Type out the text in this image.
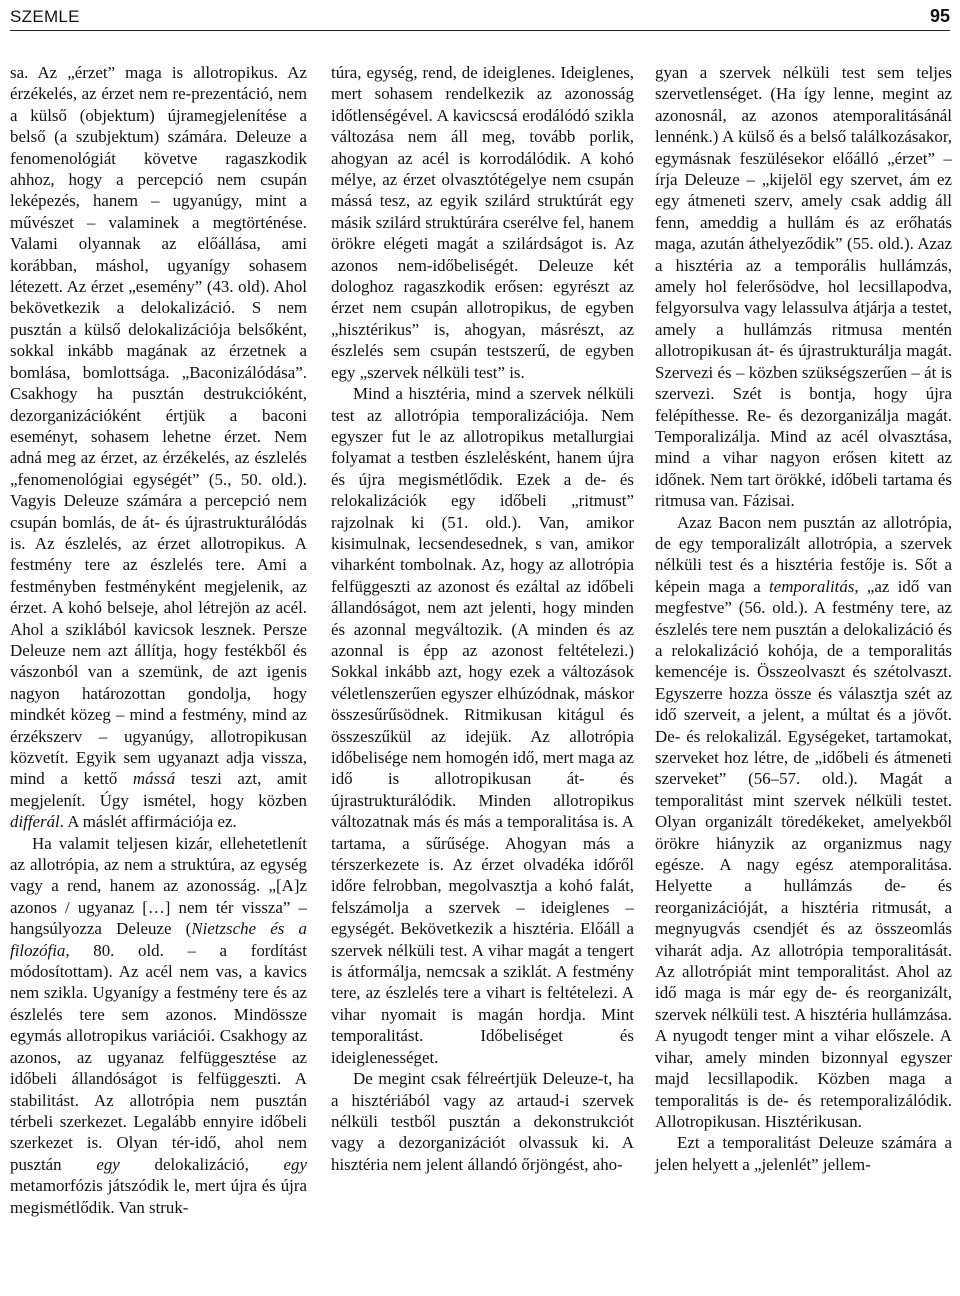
SZEMLE	95

sa. Az „érzet” maga is allotropikus. Az érzékelés, az érzet nem re-prezentáció, nem a külső (objektum) újramegjelenítése a belső (a szubjektum) számára. Deleuze a fenomenológiát követve ragaszkodik ahhoz, hogy a percepció nem csupán leképezés, hanem – ugyanúgy, mint a művészet – valaminek a megtörténése. Valami olyannak az előállása, ami korábban, máshol, ugyanígy sohasem létezett. Az érzet „esemény” (43. old). Ahol bekövetkezik a delokalizáció. S nem pusztán a külső delokalizációja belsőként, sokkal inkább magának az érzetnek a bomlása, bomlottsága. „Baconizálódása”. Csakhogy ha pusztán destrukcióként, dezorganizációként értjük a baconi eseményt, sohasem lehetne érzet. Nem adná meg az érzet, az érzékelés, az észlelés „fenomenológiai egységét” (5., 50. old.). Vagyis Deleuze számára a percepció nem csupán bomlás, de át- és újrastrukturálódás is. Az észlelés, az érzet allotropikus. A festmény tere az észlelés tere. Ami a festményben festményként megjelenik, az érzet. A kohó belseje, ahol létrejön az acél. Ahol a sziklából kavicsok lesznek. Persze Deleuze nem azt állítja, hogy festékből és vászonból van a szemünk, de azt igenis nagyon határozottan gondolja, hogy mindkét közeg – mind a festmény, mind az érzékszerv – ugyanúgy, allotropikusan közvetít. Egyik sem ugyanazt adja vissza, mind a kettő mássá teszi azt, amit megjelenít. Úgy ismétel, hogy közben differál. A máslét affirmációja ez.

Ha valamit teljesen kizár, ellehetetlenít az allotrópia, az nem a struktúra, az egység vagy a rend, hanem az azonosság. „[A]z azonos / ugyanaz […] nem tér vissza” – hangsúlyozza Deleuze (Nietzsche és a filozófia, 80. old. – a fordítást módosítottam). Az acél nem vas, a kavics nem szikla. Ugyanígy a festmény tere és az észlelés tere sem azonos. Mindössze egymás allotropikus variációi. Csakhogy az azonos, az ugyanaz felfüggesztése az időbeli állandóságot is felfüggeszti. A stabilitást. Az allotrópia nem pusztán térbeli szerkezet. Legalább ennyire időbeli szerkezet is. Olyan tér-idő, ahol nem pusztán egy delokalizáció, egy metamorfózis játszódik le, mert újra és újra megismétlődik. Van struk-

túra, egység, rend, de ideiglenes. Ideiglenes, mert sohasem rendelkezik az azonosság időtlenségével. A kavicscsá erodálódó szikla változása nem áll meg, tovább porlik, ahogyan az acél is korrodálódik. A kohó mélye, az érzet olvasztótégelye nem csupán mássá tesz, az egyik szilárd struktúrát egy másik szilárd struktúrára cserélve fel, hanem örökre elégeti magát a szilárdságot is. Az azonos nem-időbeliségét. Deleuze két dologhoz ragaszkodik erősen: egyrészt az érzet nem csupán allotropikus, de egyben „hisztérikus” is, ahogyan, másrészt, az észlelés sem csupán testszerű, de egyben egy „szervek nélküli test” is.

Mind a hisztéria, mind a szervek nélküli test az allotrópia temporalizációja. Nem egyszer fut le az allotropikus metallurgiai folyamat a testben észlelésként, hanem újra és újra megismétlődik. Ezek a de- és relokalizációk egy időbeli „ritmust” rajzolnak ki (51. old.). Van, amikor kisimulnak, lecsendesednek, s van, amikor viharként tombolnak. Az, hogy az allotrópia felfüggeszti az azonost és ezáltal az időbeli állandóságot, nem azt jelenti, hogy minden és azonnal megváltozik. (A minden és az azonnal is épp az azonost feltételezi.) Sokkal inkább azt, hogy ezek a változások véletlenszerűen egyszer elhúzódnak, máskor összesűrűsödnek. Ritmikusan kitágul és összeszűkül az idejük. Az allotrópia időbelisége nem homogén idő, mert maga az idő is allotropikusan át- és újrastrukturálódik. Minden allotropikus változatnak más és más a temporalitása is. A tartama, a sűrűsége. Ahogyan más a térszerkezete is. Az érzet olvadéka időről időre felrobban, megolvasztja a kohó falát, felszámolja a szervek – ideiglenes – egységét. Bekövetkezik a hisztéria. Előáll a szervek nélküli test. A vihar magát a tengert is átformálja, nemcsak a sziklát. A festmény tere, az észlelés tere a vihart is feltételezi. A vihar nyomait is magán hordja. Mint temporalitást. Időbeliséget és ideiglenességet.

De megint csak félreértjük Deleuze-t, ha a hisztériából vagy az artaud-i szervek nélküli testből pusztán a dekonstrukciót vagy a dezorganizációt olvassuk ki. A hisztéria nem jelent állandó őrjöngést, aho-

gyan a szervek nélküli test sem teljes szervetlenséget. (Ha így lenne, megint az azonosnál, az azonos atemporalitásánál lennénk.) A külső és a belső találkozásakor, egymásnak feszülésekor előálló „érzet” – írja Deleuze – „kijelöl egy szervet, ám ez egy átmeneti szerv, amely csak addig áll fenn, ameddig a hullám és az erőhatás maga, azután áthelyeződik” (55. old.). Azaz a hisztéria az a temporális hullámzás, amely hol felerősödve, hol lecsillapodva, felgyorsulva vagy lelassulva átjárja a testet, amely a hullámzás ritmusa mentén allotropikusan át- és újrastrukturálja magát. Szervezi és – közben szükségszerűen – át is szervezi. Szét is bontja, hogy újra felépíthesse. Re- és dezorganizálja magát. Temporalizálja. Mind az acél olvasztása, mind a vihar nagyon erősen kitett az időnek. Nem tart örökké, időbeli tartama és ritmusa van. Fázisai.

Azaz Bacon nem pusztán az allotrópia, de egy temporalizált allotrópia, a szervek nélküli test és a hisztéria festője is. Sőt a képein maga a temporalitás, „az idő van megfestve” (56. old.). A festmény tere, az észlelés tere nem pusztán a delokalizáció és a relokalizáció kohója, de a temporalitás kemencéje is. Összeolvaszt és szétolvaszt. Egyszerre hozza össze és választja szét az idő szerveit, a jelent, a múltat és a jövőt. De- és relokalizál. Egységeket, tartamokat, szerveket hoz létre, de „időbeli és átmeneti szerveket” (56–57. old.). Magát a temporalitást mint szervek nélküli testet. Olyan organizált töredékeket, amelyekből örökre hiányzik az organizmus nagy egésze. A nagy egész atemporalitása. Helyette a hullámzás de- és reorganizációját, a hisztéria ritmusát, a megnyugvás csendjét és az összeomlás viharát adja. Az allotrópia temporalitását. Az allotrópiát mint temporalitást. Ahol az idő maga is már egy de- és reorganizált, szervek nélküli test. A hisztéria hullámzása. A nyugodt tenger mint a vihar előszele. A vihar, amely minden bizonnyal egyszer majd lecsillapodik. Közben maga a temporalitás is de- és retemporalizálódik. Allotropikusan. Hisztérikusan.

Ezt a temporalitást Deleuze számára a jelen helyett a „jelenlét” jellem-
